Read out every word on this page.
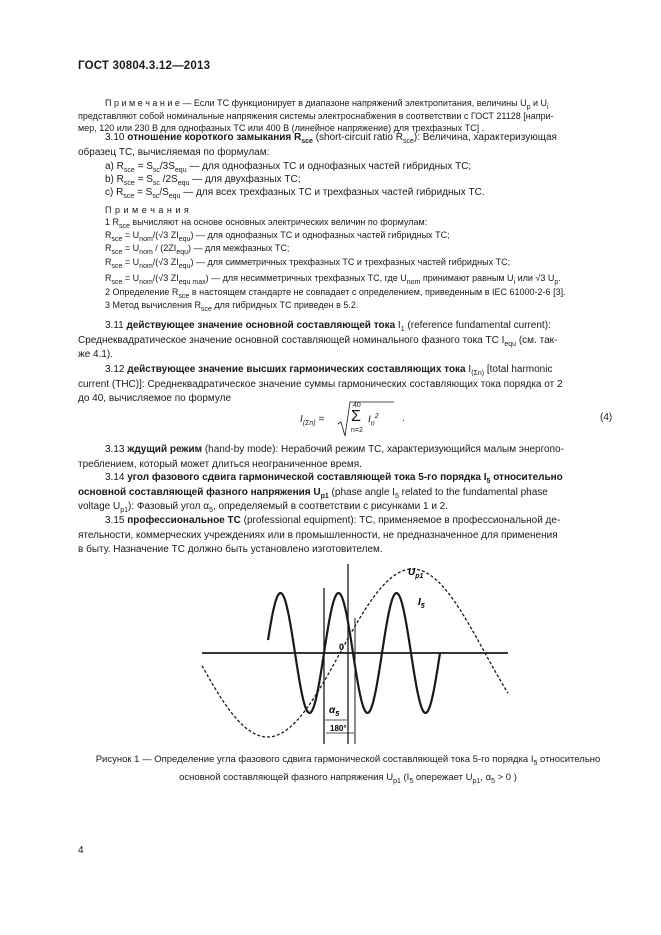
ГОСТ 30804.3.12—2013
П р и м е ч а н и е — Если ТС функционирует в диапазоне напряжений электропитания, величины $U_p$ и $U_i$
представляют собой номинальные напряжения системы электроснабжения в соответствии с ГОСТ 21128 [напри-
мер, 120 или 230 В для однофазных ТС или 400 В (линейное напряжение) для трехфазных ТС] .
3.10 отношение короткого замыкания $R_{sce}$ (short-circuit ratio $R_{sce}$): Величина, характеризующая
образец ТС, вычисляемая по формулам:
a) $R_{sce} = S_{sc}/3S_{equ}$ — для однофазных ТС и однофазных частей гибридных ТС;
b) $R_{sce} = S_{sc}$ $/2S_{equ}$ — для двухфазных ТС;
c) $R_{sce} = S_{sc}/S_{equ}$ — для всех трехфазных ТС и трехфазных частей гибридных ТС.
П р и м е ч а н и я
1 $R_{sce}$ вычисляют на основе основных электрических величин по формулам:
$R_{sce} = U_{nom}/(√3$ $ZI_{equ}$) — для однофазных ТС и однофазных частей гибридных ТС;
$R_{sce} = U_{nom} / (2ZI_{equ})$ — для межфазных ТС;
$R_{sce} = U_{nom}/(√3$ $ZI_{equ}$) — для симметричных трехфазных ТС и трехфазных частей гибридных ТС;
$R_{sce} = U_{nom}/(√3$ $ZI_{equ max}$) — для несимметричных трехфазных ТС, где $U_{nom}$ принимают равным $U_i$ или √3 $U_p$.
2 Определение $R_{sce}$ в настоящем стандарте не совпадает с определением, приведенным в IEC 61000-2-6 [3].
3 Метод вычисления $R_{sce}$ для гибридных ТС приведен в 5.2.
3.11 действующее значение основной составляющей тока $I_1$ (reference fundamental current):
Среднеквадратическое значение основной составляющей номинального фазного тока ТС $I_{equ}$ (см. так-
же 4.1).
3.12 действующее значение высших гармонических составляющих тока $I_{(\Sigma n)}$ [total harmonic
current (THC)]: Среднеквадратическое значение суммы гармонических составляющих тока порядка от 2
до 40, вычисляемое по формуле
$I_{(\Sigma n)}$ =
40
Σ
n=2
$I_n^2$ .	(4)
3.13 ждущий режим (hand-by mode): Нерабочий режим ТС, характеризующийся малым энергопо-
треблением, который может длиться неограниченное время.
3.14 угол фазового сдвига гармонической составляющей тока 5-го порядка $I_5$ относительно
основной составляющей фазного напряжения $U_{p1}$ (phase angle $I_5$ related to the fundamental phase
voltage $U_{p1}$): Фазовый угол $\alpha_5$, определяемый в соответствии с рисунками 1 и 2.
3.15 профессиональное ТС (professional equipment): ТС, применяемое в профессиональной де-
ятельности, коммерческих учреждениях или в промышленности, не предназначенное для применения
в быту. Назначение ТС должно быть установлено изготовителем.
$U_{p1}$
$I_5$
0
$\alpha_5$
180°
Рисунок 1 — Определение угла фазового сдвига гармонической составляющей тока 5-го порядка $I_5$ относительно
основной составляющей фазного напряжения $U_{p1}$ ($I_5$ опережает $U_{p1}$, $\alpha_5 > 0$ )
4
